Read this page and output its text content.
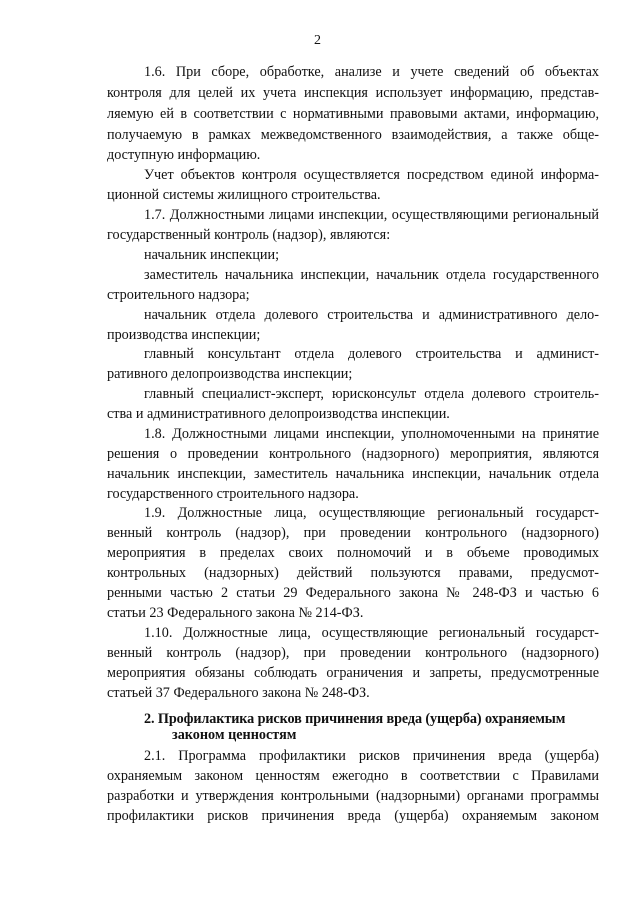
2
1.6. При сборе, обработке, анализе и учете сведений об объектах
контроля для целей их учета инспекция использует информацию, представ-
ляемую ей в соответствии с нормативными правовыми актами, информацию,
получаемую в рамках межведомственного взаимодействия, а также обще-
доступную информацию.
Учет объектов контроля осуществляется посредством единой информа-
ционной системы жилищного строительства.
1.7. Должностными лицами инспекции, осуществляющими региональный
государственный контроль (надзор), являются:
начальник инспекции;
заместитель начальника инспекции, начальник отдела государственного
строительного надзора;
начальник отдела долевого строительства и административного дело-
производства инспекции;
главный консультант отдела долевого строительства и админист-
ративного делопроизводства инспекции;
главный специалист-эксперт, юрисконсульт отдела долевого строитель-
ства и административного делопроизводства инспекции.
1.8. Должностными лицами инспекции, уполномоченными на принятие
решения о проведении контрольного (надзорного) мероприятия, являются
начальник инспекции, заместитель начальника инспекции, начальник отдела
государственного строительного надзора.
1.9. Должностные лица, осуществляющие региональный государст-
венный контроль (надзор), при проведении контрольного (надзорного)
мероприятия в пределах своих полномочий и в объеме проводимых
контрольных (надзорных) действий пользуются правами, предусмот-
ренными частью 2 статьи 29 Федерального закона № 248-ФЗ и частью 6
статьи 23 Федерального закона № 214-ФЗ.
1.10. Должностные лица, осуществляющие региональный государст-
венный контроль (надзор), при проведении контрольного (надзорного)
мероприятия обязаны соблюдать ограничения и запреты, предусмотренные
статьей 37 Федерального закона № 248-ФЗ.
2. Профилактика рисков причинения вреда (ущерба) охраняемым
законом ценностям
2.1. Программа профилактики рисков причинения вреда (ущерба)
охраняемым законом ценностям ежегодно в соответствии с Правилами
разработки и утверждения контрольными (надзорными) органами программы
профилактики рисков причинения вреда (ущерба) охраняемым законом
